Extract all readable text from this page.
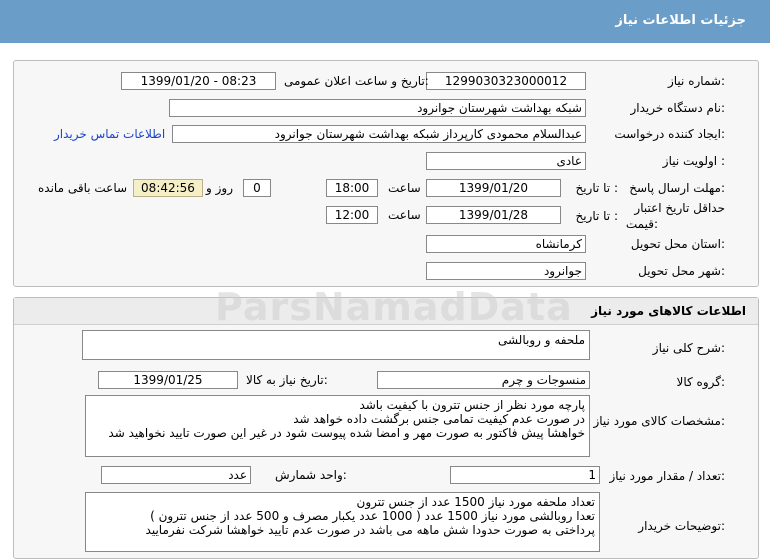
جزئیات اطلاعات نیاز
شماره نیاز:
1299030323000012
تاریخ و ساعت اعلان عمومی:
1399/01/20 - 08:23
نام دستگاه خریدار:
شبکه بهداشت شهرستان جوانرود
ایجاد کننده درخواست:
عبدالسلام محمودی کارپرداز شبکه بهداشت شهرستان جوانرود
اطلاعات تماس خریدار
اولویت نیاز :
عادی
مهلت ارسال پاسخ:
تا تاریخ :
1399/01/20
ساعت
18:00
0
روز و
08:42:56
ساعت باقی مانده
حداقل تاریخ اعتبار
قیمت:
تا تاریخ :
1399/01/28
ساعت
12:00
استان محل تحویل:
کرمانشاه
شهر محل تحویل:
جوانرود
اطلاعات کالاهای مورد نیاز
شرح کلی نیاز:
ملحفه و روبالشی
گروه کالا:
منسوجات و چرم
تاریخ نیاز به کالا:
1399/01/25
مشخصات کالای مورد نیاز:
پارچه مورد نظر از جنس تترون با کیفیت باشد
در صورت عدم کیفیت تمامی جنس برگشت داده خواهد شد
خواهشا پیش فاکتور به صورت مهر و امضا شده پیوست شود در غیر این صورت تایید نخواهید شد
تعداد / مقدار مورد نیاز:
1
واحد شمارش:
عدد
توضیحات خریدار:
تعداد ملحفه مورد نیاز 1500 عدد از جنس تترون
تعدا روبالشی مورد نیاز 1500 عدد ( 1000 عدد یکبار مصرف و 500 عدد از جنس تترون )
پرداختی به صورت حدودا شش ماهه می باشد در صورت عدم تایید خواهشا شرکت نفرمایید
ParsNamadData
